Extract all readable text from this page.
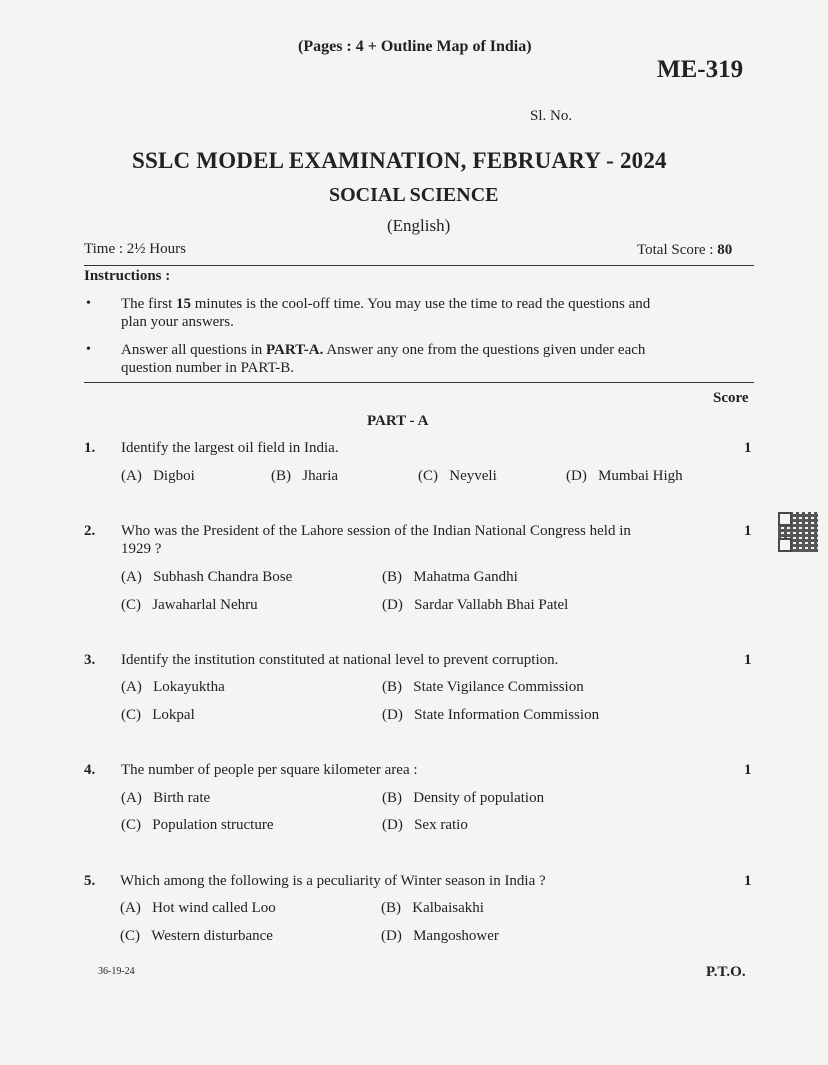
(Pages : 4 + Outline Map of India)
ME-319
Sl. No.
SSLC MODEL EXAMINATION, FEBRUARY - 2024
SOCIAL SCIENCE
(English)
Time : 2½ Hours	Total Score : 80
Instructions :
• The first 15 minutes is the cool-off time. You may use the time to read the questions and
plan your answers.
• Answer all questions in PART-A. Answer any one from the questions given under each
question number in PART-B.
Score
PART - A
1. Identify the largest oil field in India.	1
(A) Digboi	(B) Jharia	(C) Neyveli	(D) Mumbai High
2. Who was the President of the Lahore session of the Indian National Congress held in
1929 ?
1
(A) Subhash Chandra Bose	(B) Mahatma Gandhi
(C) Jawaharlal Nehru	(D) Sardar Vallabh Bhai Patel
3. Identify the institution constituted at national level to prevent corruption.	1
(A) Lokayuktha	(B) State Vigilance Commission
(C) Lokpal	(D) State Information Commission
4. The number of people per square kilometer area :	1
(A) Birth rate	(B) Density of population
(C) Population structure	(D) Sex ratio
5. Which among the following is a peculiarity of Winter season in India ?	1
(A) Hot wind called Loo	(B) Kalbaisakhi
(C) Western disturbance	(D) Mangoshower
36-19-24	P.T.O.
